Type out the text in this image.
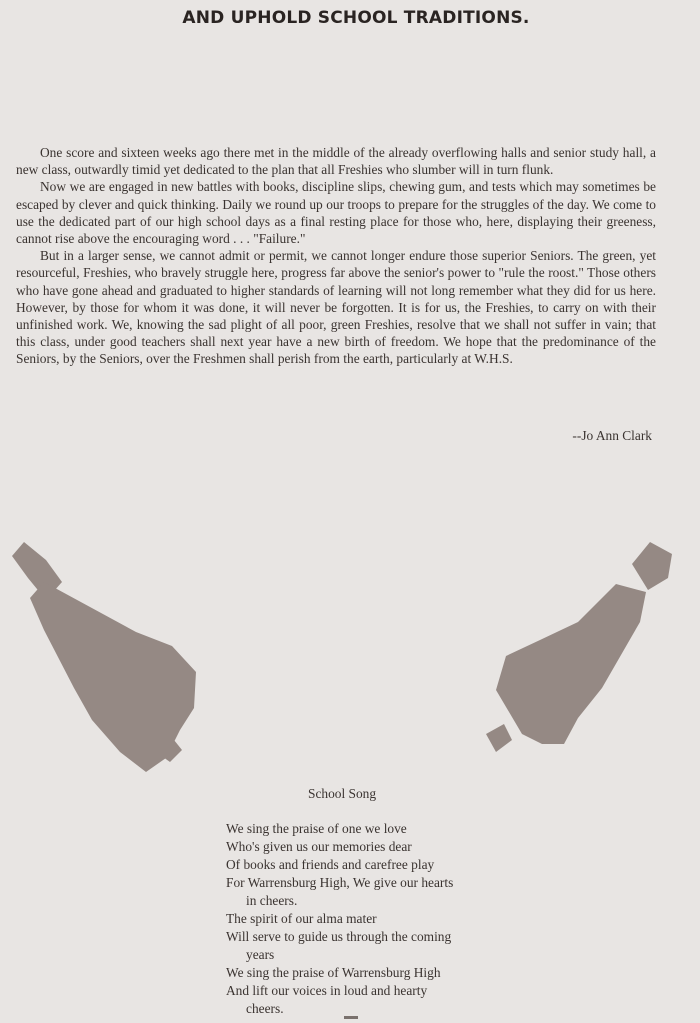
AND UPHOLD SCHOOL TRADITIONS.

One score and sixteen weeks ago there met in the middle of the already overflowing halls and senior study hall, a new class, outwardly timid yet dedicated to the plan that all Freshies who slumber will in turn flunk.

Now we are engaged in new battles with books, discipline slips, chewing gum, and tests which may sometimes be escaped by clever and quick thinking. Daily we round up our troops to prepare for the struggles of the day. We come to use the dedicated part of our high school days as a final resting place for those who, here, displaying their greeness, cannot rise above the encouraging word . . . "Failure."

But in a larger sense, we cannot admit or permit, we cannot longer endure those superior Seniors. The green, yet resourceful, Freshies, who bravely struggle here, progress far above the senior's power to "rule the roost." Those others who have gone ahead and graduated to higher standards of learning will not long remember what they did for us here. However, by those for whom it was done, it will never be forgotten. It is for us, the Freshies, to carry on with their unfinished work. We, knowing the sad plight of all poor, green Freshies, resolve that we shall not suffer in vain; that this class, under good teachers shall next year have a new birth of freedom. We hope that the predominance of the Seniors, by the Seniors, over the Freshmen shall perish from the earth, particularly at W.H.S.

--Jo Ann Clark
School Song
We sing the praise of one we love
Who's given us our memories dear
Of books and friends and carefree play
For Warrensburg High, We give our hearts
in cheers.
The spirit of our alma mater
Will serve to guide us through the coming
years
We sing the praise of Warrensburg High
And lift our voices in loud and hearty
cheers.
